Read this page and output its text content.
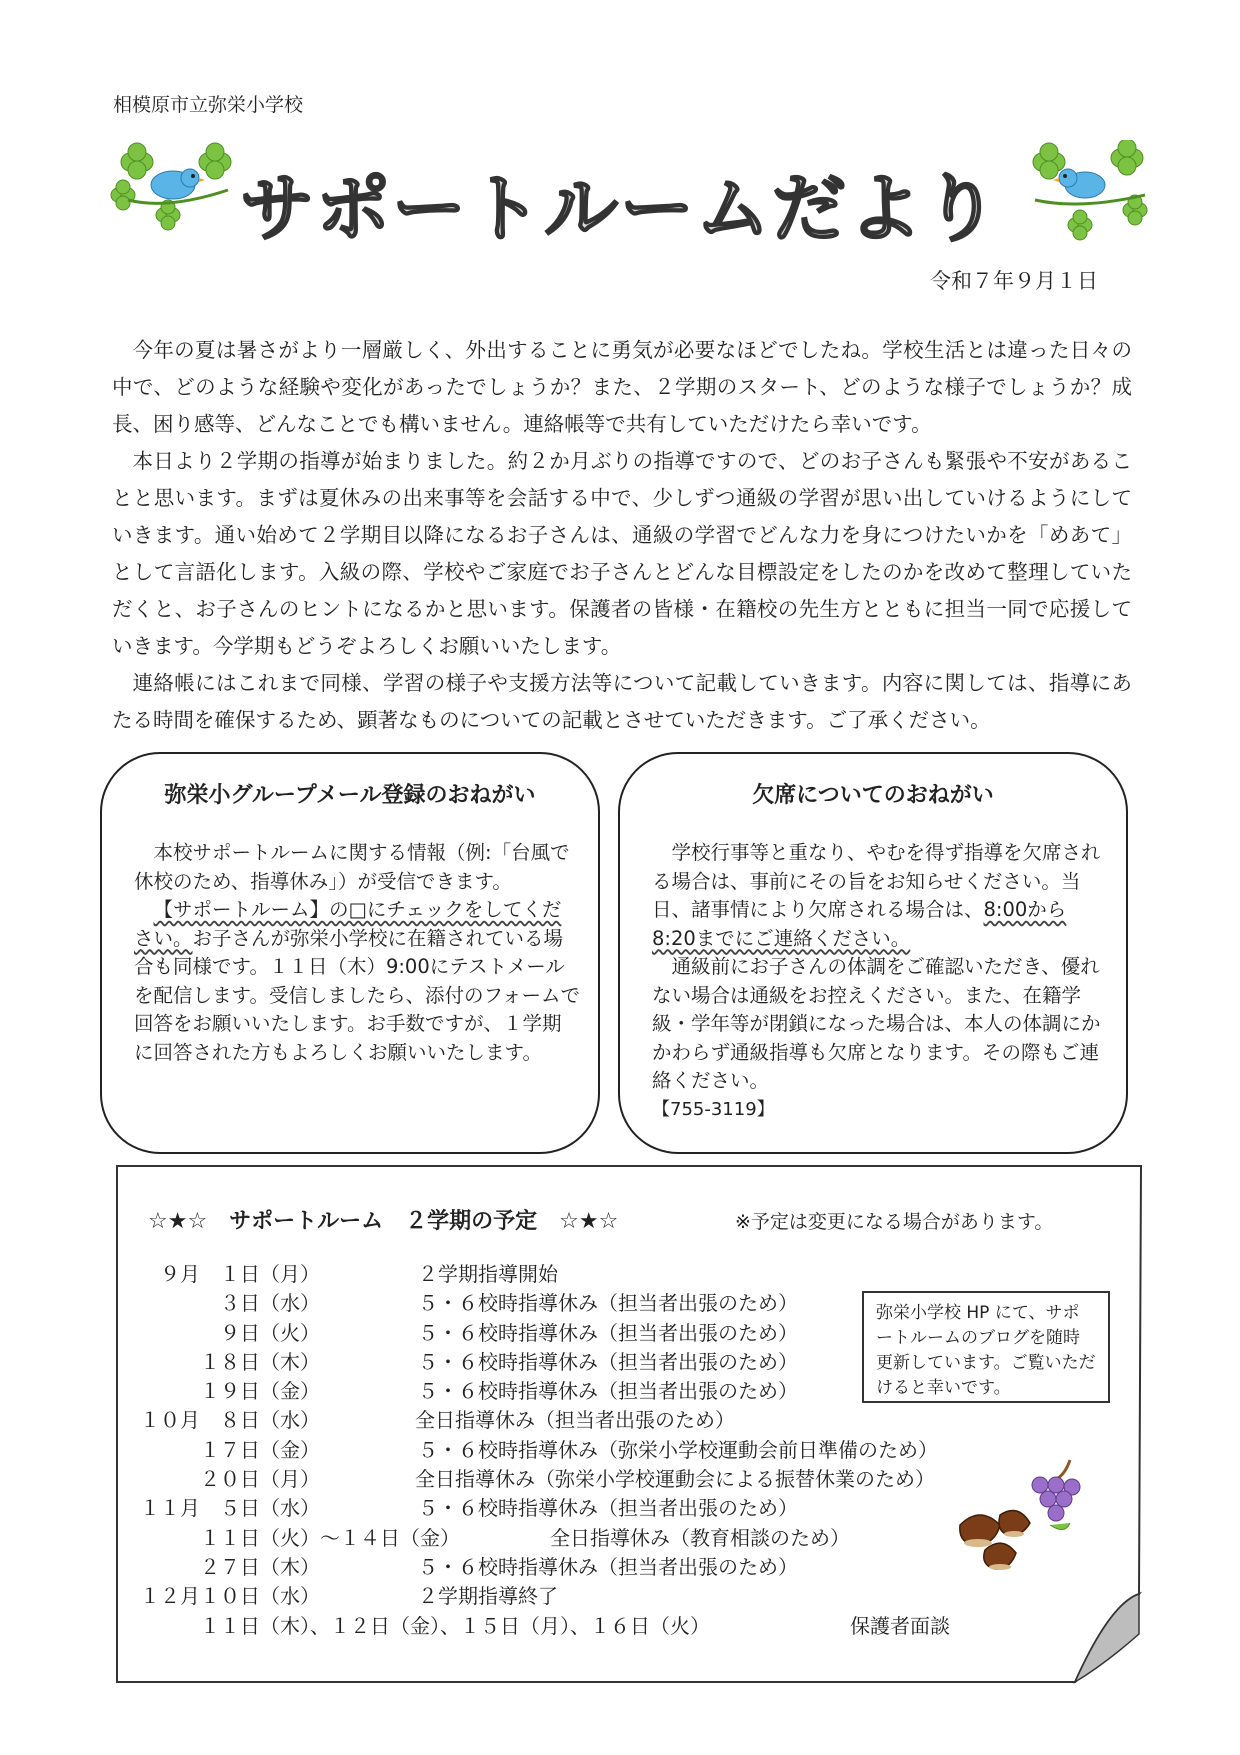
相模原市立弥栄小学校
サポートルームだより
令和７年９月１日

今年の夏は暑さがより一層厳しく、外出することに勇気が必要なほどでしたね。学校生活とは違った日々の中で、どのような経験や変化があったでしょうか？また、２学期のスタート、どのような様子でしょうか？成長、困り感等、どんなことでも構いません。連絡帳等で共有していただけたら幸いです。

本日より２学期の指導が始まりました。約２か月ぶりの指導ですので、どのお子さんも緊張や不安があることと思います。まずは夏休みの出来事等を会話する中で、少しずつ通級の学習が思い出していけるようにしていきます。通い始めて２学期目以降になるお子さんは、通級の学習でどんな力を身につけたいかを「めあて」として言語化します。入級の際、学校やご家庭でお子さんとどんな目標設定をしたのかを改めて整理していただくと、お子さんのヒントになるかと思います。保護者の皆様・在籍校の先生方とともに担当一同で応援していきます。今学期もどうぞよろしくお願いいたします。

連絡帳にはこれまで同様、学習の様子や支援方法等について記載していきます。内容に関しては、指導にあたる時間を確保するため、顕著なものについての記載とさせていただきます。ご了承ください。

弥栄小グループメール登録のおねがい

本校サポートルームに関する情報（例:「台風で休校のため、指導休み」）が受信できます。

【サポートルーム】の□にチェックをしてください。お子さんが弥栄小学校に在籍されている場合も同様です。１１日（木）9:00にテストメールを配信します。受信しましたら、添付のフォームで回答をお願いいたします。お手数ですが、１学期に回答された方もよろしくお願いいたします。

欠席についてのおねがい

学校行事等と重なり、やむを得ず指導を欠席される場合は、事前にその旨をお知らせください。当日、諸事情により欠席される場合は、8:00から8:20までにご連絡ください。

通級前にお子さんの体調をご確認いただき、優れない場合は通級をお控えください。また、在籍学級・学年等が閉鎖になった場合は、本人の体調にかかわらず通級指導も欠席となります。その際もご連絡ください。

【755-3119】
☆★☆　サポートルーム　２学期の予定　☆★☆	※予定は変更になる場合があります。
９月　１日（月）	２学期指導開始
　　　３日（水）	５・６校時指導休み（担当者出張のため）
　　　９日（火）	５・６校時指導休み（担当者出張のため）
　　１８日（木）	５・６校時指導休み（担当者出張のため）
　　１９日（金）	５・６校時指導休み（担当者出張のため）
１０月　８日（水）	全日指導休み（担当者出張のため）
　　１７日（金）	５・６校時指導休み（弥栄小学校運動会前日準備のため）
　　２０日（月）	全日指導休み（弥栄小学校運動会による振替休業のため）
１１月　５日（水）	５・６校時指導休み（担当者出張のため）
　　１１日（火）～１４日（金）	全日指導休み（教育相談のため）
　　２７日（木）	５・６校時指導休み（担当者出張のため）
１２月１０日（水）	２学期指導終了
　　１１日（木）、１２日（金）、１５日（月）、１６日（火）	保護者面談
弥栄小学校 HP にて、サポートルームのブログを随時更新しています。ご覧いただけると幸いです。
